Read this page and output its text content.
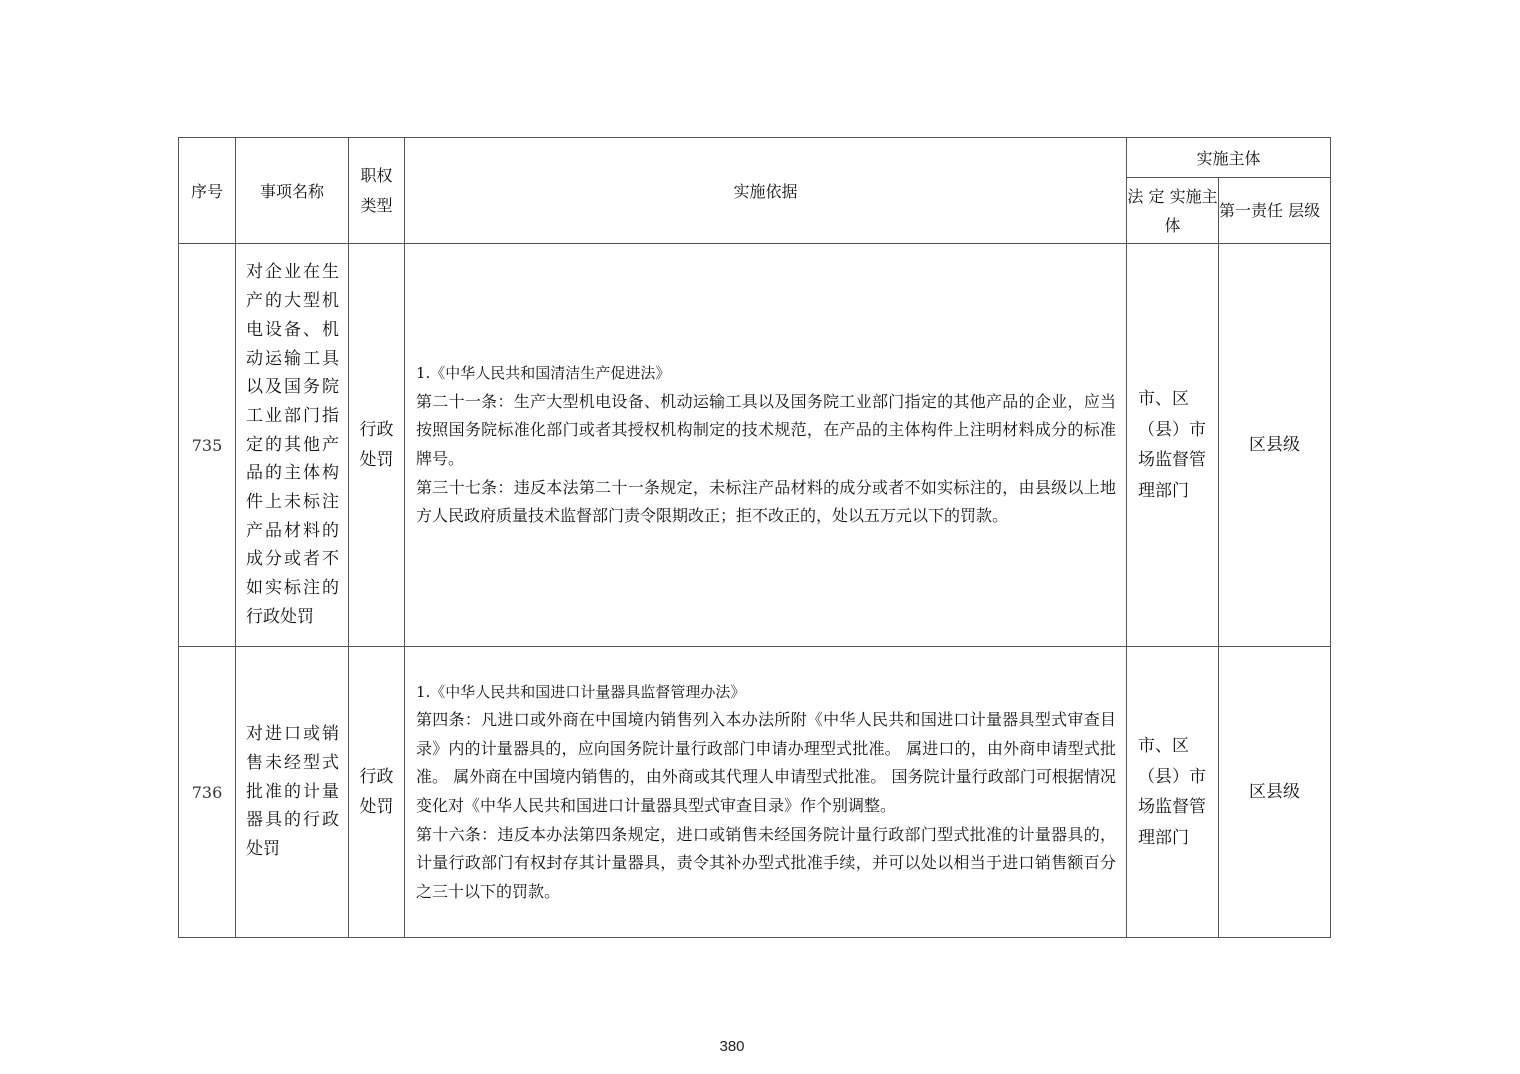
序号	事项名称	职权类型	实施依据	实施主体	
				法 定 实施主体	第一责任 层级
735	对企业在生产的大型机电设备、机动运输工具以及国务院工业部门指定的其他产品的主体构件上未标注产品材料的成分或者不如实标注的行政处罚	行政处罚	1.《中华人民共和国清洁生产促进法》

第二十一条：生产大型机电设备、机动运输工具以及国务院工业部门指定的其他产品的企业，应当按照国务院标准化部门或者其授权机构制定的技术规范，在产品的主体构件上注明材料成分的标准牌号。

第三十七条：违反本法第二十一条规定，未标注产品材料的成分或者不如实标注的，由县级以上地方人民政府质量技术监督部门责令限期改正；拒不改正的，处以五万元以下的罚款。	市、区（县）市场监督管理部门	区县级
736	对进口或销售未经型式批准的计量器具的行政处罚	行政处罚	1.《中华人民共和国进口计量器具监督管理办法》

第四条：凡进口或外商在中国境内销售列入本办法所附《中华人民共和国进口计量器具型式审查目录》内的计量器具的，应向国务院计量行政部门申请办理型式批准。 属进口的，由外商申请型式批准。 属外商在中国境内销售的，由外商或其代理人申请型式批准。 国务院计量行政部门可根据情况变化对《中华人民共和国进口计量器具型式审查目录》作个别调整。

第十六条：违反本办法第四条规定，进口或销售未经国务院计量行政部门型式批准的计量器具的，计量行政部门有权封存其计量器具，责令其补办型式批准手续，并可以处以相当于进口销售额百分之三十以下的罚款。	市、区（县）市场监督管理部门	区县级
380
